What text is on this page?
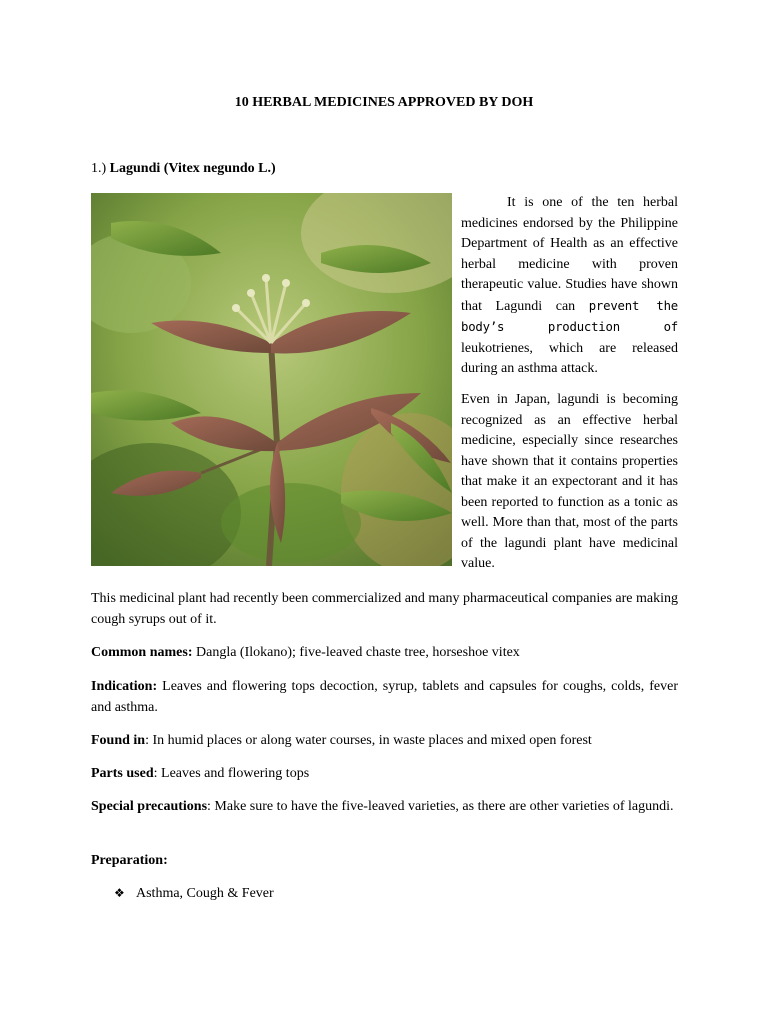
10 HERBAL MEDICINES APPROVED BY DOH
1.) Lagundi (Vitex negundo L.)

It is one of the ten herbal medicines endorsed by the Philippine Department of Health as an effective herbal medicine with proven therapeutic value. Studies have shown that Lagundi can prevent the body’s production of leukotrienes, which are released during an asthma attack.

Even in Japan, lagundi is becoming recognized as an effective herbal medicine, especially since researches have shown that it contains properties that make it an expectorant and it has been reported to function as a tonic as well. More than that, most of the parts of the lagundi plant have medicinal value.

This medicinal plant had recently been commercialized and many pharmaceutical companies are making cough syrups out of it.

Common names: Dangla (Ilokano); five-leaved chaste tree, horseshoe vitex

Indication: Leaves and flowering tops decoction, syrup, tablets and capsules for coughs, colds, fever and asthma.

Found in: In humid places or along water courses, in waste places and mixed open forest

Parts used: Leaves and flowering tops

Special precautions: Make sure to have the five-leaved varieties, as there are other varieties of lagundi.

Preparation:

❖ Asthma, Cough & Fever
